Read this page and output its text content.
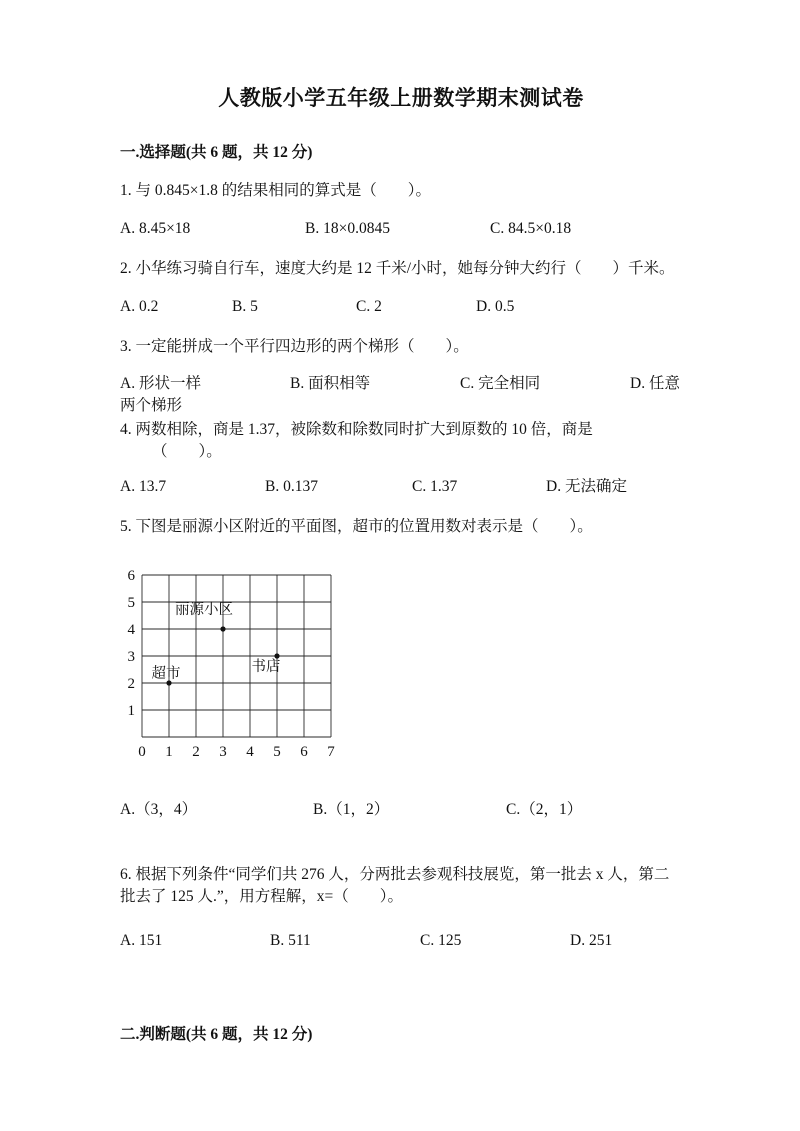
人教版小学五年级上册数学期末测试卷
一.选择题(共 6 题，共 12 分)

1. 与 0.845×1.8 的结果相同的算式是（　　）。

A. 8.45×18	B. 18×0.0845	C. 84.5×0.18

2. 小华练习骑自行车，速度大约是 12 千米/小时，她每分钟大约行（　　）千米。

A. 0.2	B. 5	C. 2	D. 0.5

3. 一定能拼成一个平行四边形的两个梯形（　　）。

A. 形状一样	B. 面积相等	C. 完全相同	D. 任意两个梯形

4. 两数相除，商是 1.37，被除数和除数同时扩大到原数的 10 倍，商是
（　　）。

A. 13.7	B. 0.137	C. 1.37	D. 无法确定

5. 下图是丽源小区附近的平面图，超市的位置用数对表示是（　　）。

6
5
4
3
2
1
0 1 2 3 4 5 6 7
丽源小区
书店
超市
A.（3，4）	B.（1，2）	C.（2，1）

6. 根据下列条件“同学们共 276 人，分两批去参观科技展览，第一批去 x 人，第二批去了 125 人.”，用方程解，x=（　　）。

A. 151	B. 511	C. 125	D. 251
二.判断题(共 6 题，共 12 分)
